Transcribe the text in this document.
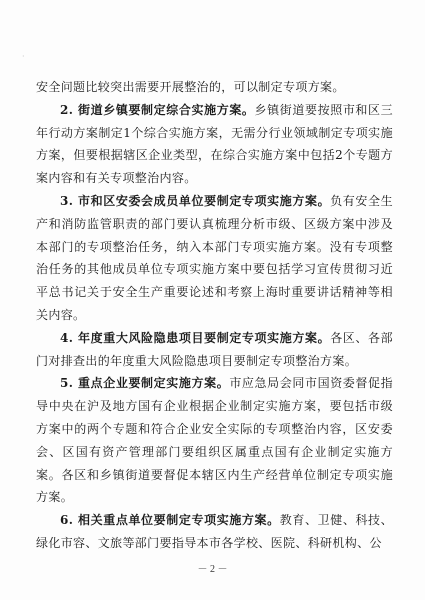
·

安全问题比较突出需要开展整治的，可以制定专项方案。

2. 街道乡镇要制定综合实施方案。乡镇街道要按照市和区三年行动方案制定1个综合实施方案，无需分行业领域制定专项实施方案，但要根据辖区企业类型，在综合实施方案中包括2个专题方案内容和有关专项整治内容。

3. 市和区安委会成员单位要制定专项实施方案。负有安全生产和消防监管职责的部门要认真梳理分析市级、区级方案中涉及本部门的专项整治任务，纳入本部门专项实施方案。没有专项整治任务的其他成员单位专项实施方案中要包括学习宣传贯彻习近平总书记关于安全生产重要论述和考察上海时重要讲话精神等相关内容。

4. 年度重大风险隐患项目要制定专项实施方案。各区、各部门对排查出的年度重大风险隐患项目要制定专项整治方案。

5. 重点企业要制定实施方案。市应急局会同市国资委督促指导中央在沪及地方国有企业根据企业制定实施方案，要包括市级方案中的两个专题和符合企业安全实际的专项整治内容，区安委会、区国有资产管理部门要组织区属重点国有企业制定实施方案。各区和乡镇街道要督促本辖区内生产经营单位制定专项实施方案。

6. 相关重点单位要制定专项实施方案。教育、卫健、科技、绿化市容、文旅等部门要指导本市各学校、医院、科研机构、公

－ 2 －
